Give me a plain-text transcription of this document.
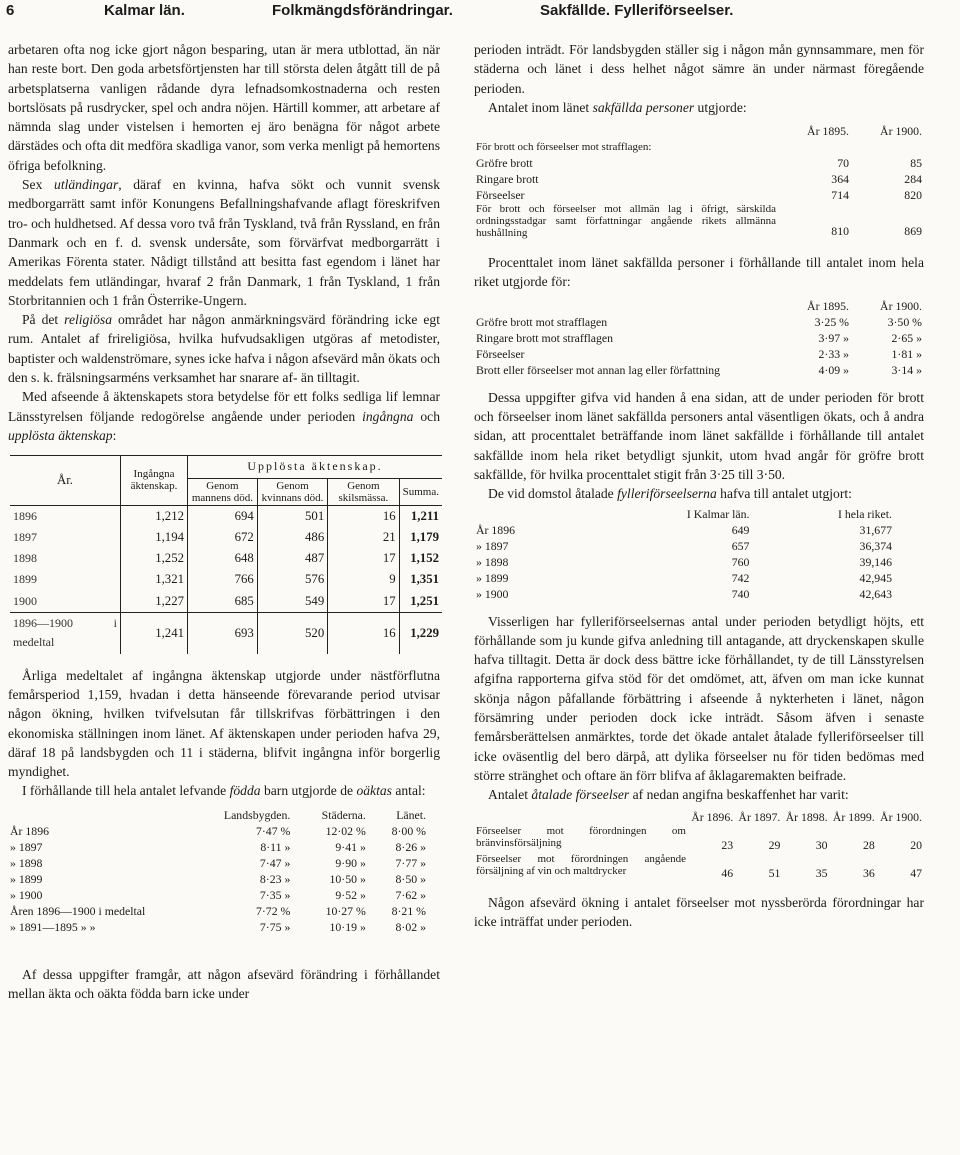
6	Kalmar län.	Folkmängdsförändringar.	Sakfällde. Fylleriförseelser.

arbetaren ofta nog icke gjort någon besparing, utan är mera utblottad, än när han reste bort. Den goda arbetsförtjensten har till största delen åtgått till de på arbetsplatserna vanligen rådande dyra lefnadsomkostnaderna och resten bortslösats på rusdrycker, spel och andra nöjen. Härtill kommer, att arbetare af nämnda slag under vistelsen i hemorten ej äro benägna för något arbete därstädes och ofta dit medföra skadliga vanor, som verka menligt på hemortens öfriga befolkning.

Sex utländingar, däraf en kvinna, hafva sökt och vunnit svensk medborgarrätt samt inför Konungens Befallningshafvande aflagt föreskrifven tro- och huldhetsed. Af dessa voro två från Tyskland, två från Ryssland, en från Danmark och en f. d. svensk undersåte, som förvärfvat medborgarrätt i Amerikas Förenta stater. Nådigt tillstånd att besitta fast egendom i länet har meddelats fem utländingar, hvaraf 2 från Danmark, 1 från Tyskland, 1 från Storbritannien och 1 från Österrike-Ungern.

På det religiösa området har någon anmärkningsvärd förändring icke egt rum. Antalet af frireligiösa, hvilka hufvudsakligen utgöras af metodister, baptister och waldenströmare, synes icke hafva i någon afsevärd mån ökats och den s. k. frälsningsarméns verksamhet har snarare af- än tilltagit.

Med afseende å äktenskapets stora betydelse för ett folks sedliga lif lemnar Länsstyrelsen följande redogörelse angående under perioden ingångna och upplösta äktenskap:

År.	Ingångna äktenskap.	Upplösta äktenskap.			
		Genom mannens död.	Genom kvinnans död.	Genom skilsmässa.	Summa.
1896	1,212	694	501	16	1,211
1897	1,194	672	486	21	1,179
1898	1,252	648	487	17	1,152
1899	1,321	766	576	9	1,351
1900	1,227	685	549	17	1,251
1896—1900 i medeltal	1,241	693	520	16	1,229

Årliga medeltalet af ingångna äktenskap utgjorde under nästförflutna femårsperiod 1,159, hvadan i detta hänseende förevarande period utvisar någon ökning, hvilken tvifvelsutan får tillskrifvas förbättringen i den ekonomiska ställningen inom länet. Af äktenskapen under perioden hafva 29, däraf 18 på landsbygden och 11 i städerna, blifvit ingångna inför borgerlig myndighet.

I förhållande till hela antalet lefvande födda barn utgjorde de oäktas antal:

	Landsbygden.	Städerna.	Länet.
År 1896	7·47 %	12·02 %	8·00 %
» 1897	8·11 »	9·41 »	8·26 »
» 1898	7·47 »	9·90 »	7·77 »
» 1899	8·23 »	10·50 »	8·50 »
» 1900	7·35 »	9·52 »	7·62 »
Åren 1896—1900 i medeltal	7·72 %	10·27 %	8·21 %
» 1891—1895 » »	7·75 »	10·19 »	8·02 »

Af dessa uppgifter framgår, att någon afsevärd förändring i förhållandet mellan äkta och oäkta födda barn icke under

perioden inträdt. För landsbygden ställer sig i någon mån gynnsammare, men för städerna och länet i dess helhet något sämre än under närmast föregående perioden.

Antalet inom länet sakfällda personer utgjorde:

	År 1895.	År 1900.
För brott och förseelser mot strafflagen:		
Gröfre brott	70	85
Ringare brott	364	284
Förseelser	714	820
För brott och förseelser mot allmän lag i öfrigt, särskilda ordningsstadgar samt författningar angående rikets allmänna hushållning	810	869

Procenttalet inom länet sakfällda personer i förhållande till antalet inom hela riket utgjorde för:

	År 1895.	År 1900.
Gröfre brott mot strafflagen	3·25 %	3·50 %
Ringare brott mot strafflagen	3·97 »	2·65 »
Förseelser	2·33 »	1·81 »
Brott eller förseelser mot annan lag eller författning	4·09 »	3·14 »

Dessa uppgifter gifva vid handen å ena sidan, att de under perioden för brott och förseelser inom länet sakfällda personers antal väsentligen ökats, och å andra sidan, att procenttalet beträffande inom länet sakfällde i förhållande till antalet sakfällde inom hela riket betydligt sjunkit, utom hvad angår för gröfre brott sakfällde, för hvilka procenttalet stigit från 3·25 till 3·50.

De vid domstol åtalade fylleriförseelserna hafva till antalet utgjort:

	I Kalmar län.	I hela riket.
År 1896	649	31,677
» 1897	657	36,374
» 1898	760	39,146
» 1899	742	42,945
» 1900	740	42,643

Visserligen har fylleriförseelsernas antal under perioden betydligt höjts, ett förhållande som ju kunde gifva anledning till antagande, att dryckenskapen skulle hafva tilltagit. Detta är dock dess bättre icke förhållandet, ty de till Länsstyrelsen afgifna rapporterna gifva stöd för det omdömet, att, äfven om man icke kunnat skönja någon påfallande förbättring i afseende å nykterheten i länet, någon försämring under perioden dock icke inträdt. Såsom äfven i senaste femårsberättelsen anmärktes, torde det ökade antalet åtalade fylleriförseelser till icke oväsentlig del bero därpå, att dylika förseelser nu för tiden bedömas med större stränghet och oftare än förr blifva af åklagaremakten beifrade.

Antalet åtalade förseelser af nedan angifna beskaffenhet har varit:

	År 1896.	År 1897.	År 1898.	År 1899.	År 1900.
Förseelser mot förordningen om bränvinsförsäljning	23	29	30	28	20
Förseelser mot förordningen angående försäljning af vin och maltdrycker	46	51	35	36	47

Någon afsevärd ökning i antalet förseelser mot nyssberörda förordningar har icke inträffat under perioden.
